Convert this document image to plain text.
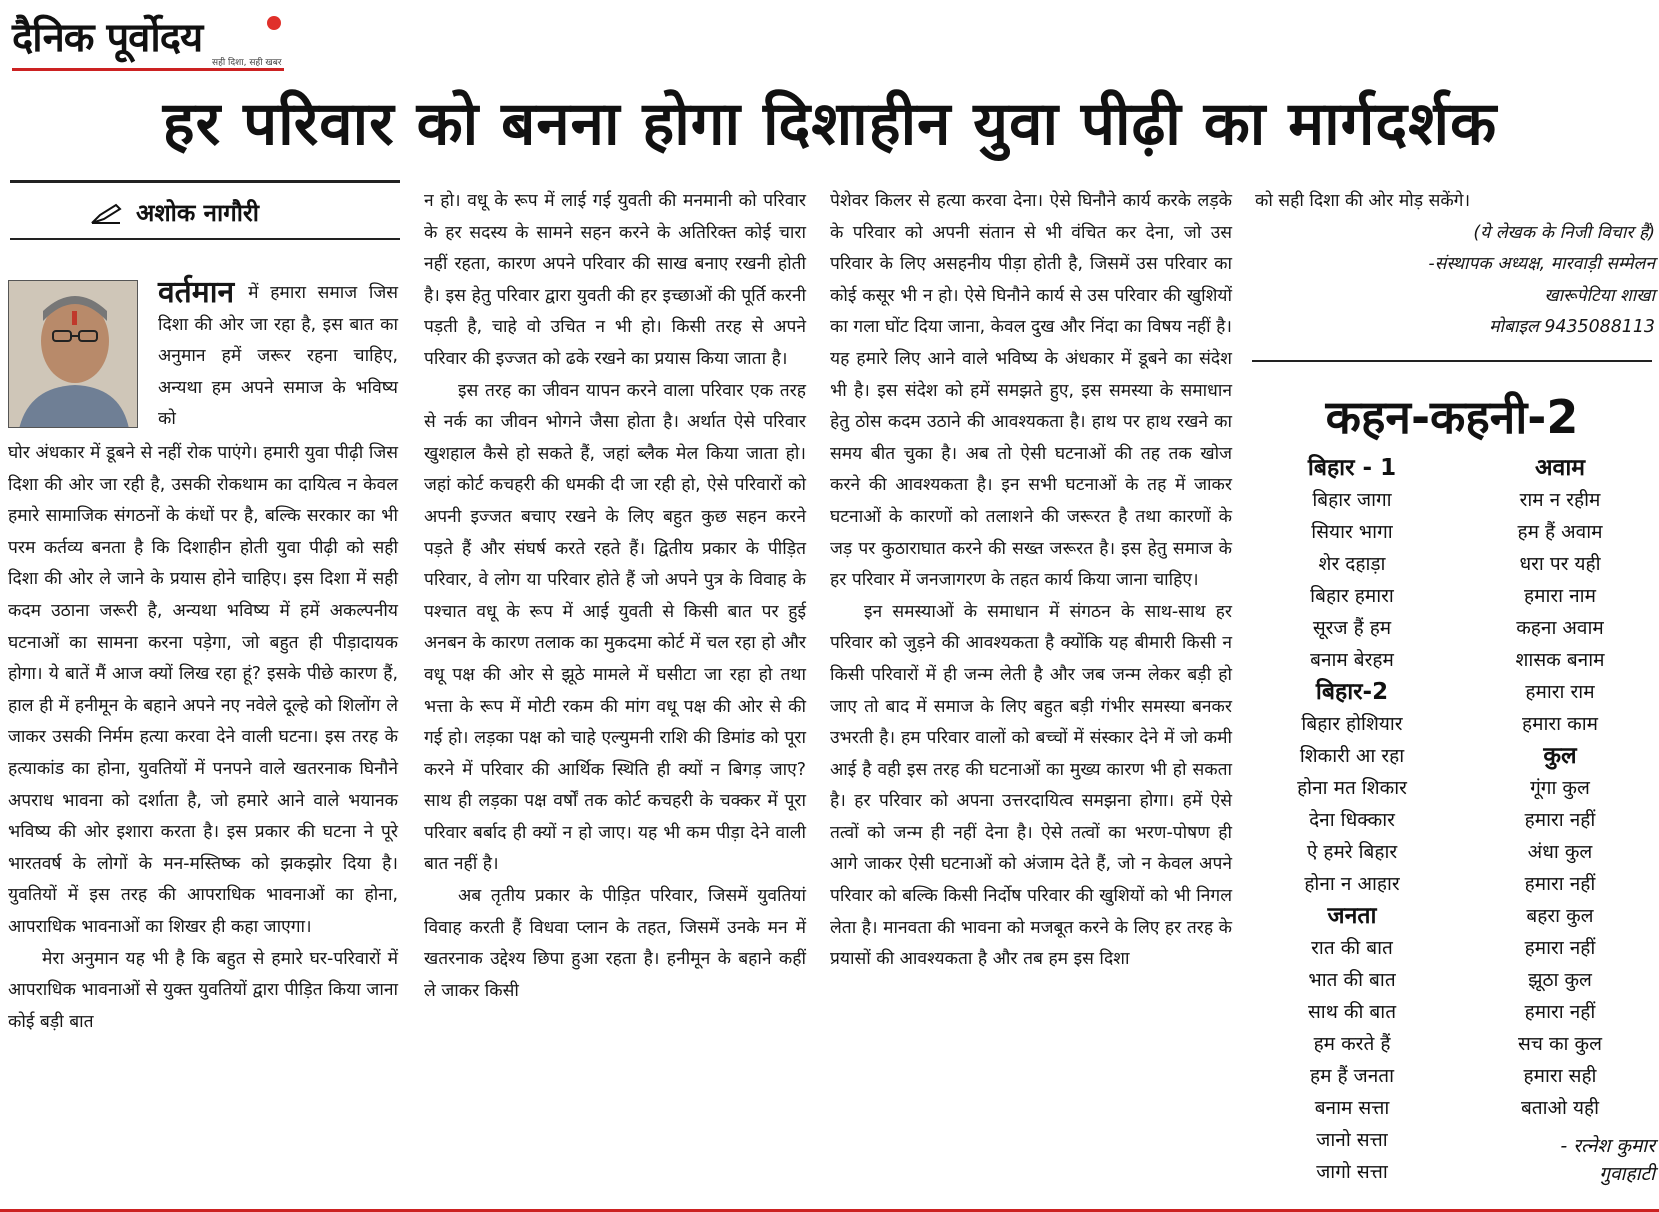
दैनिक पूर्वोदय
सही दिशा, सही खबर
हर परिवार को बनना होगा दिशाहीन युवा पीढ़ी का मार्गदर्शक
अशोक नागौरी

वर्तमान में हमारा समाज जिस दिशा की ओर जा रहा है, इस बात का अनुमान हमें जरूर रहना चाहिए, अन्यथा हम अपने समाज के भविष्य को

घोर अंधकार में डूबने से नहीं रोक पाएंगे। हमारी युवा पीढ़ी जिस दिशा की ओर जा रही है, उसकी रोकथाम का दायित्व न केवल हमारे सामाजिक संगठनों के कंधों पर है, बल्कि सरकार का भी परम कर्तव्य बनता है कि दिशाहीन होती युवा पीढ़ी को सही दिशा की ओर ले जाने के प्रयास होने चाहिए। इस दिशा में सही कदम उठाना जरूरी है, अन्यथा भविष्य में हमें अकल्पनीय घटनाओं का सामना करना पड़ेगा, जो बहुत ही पीड़ादायक होगा। ये बातें मैं आज क्यों लिख रहा हूं? इसके पीछे कारण हैं, हाल ही में हनीमून के बहाने अपने नए नवेले दूल्हे को शिलोंग ले जाकर उसकी निर्मम हत्या करवा देने वाली घटना। इस तरह के हत्याकांड का होना, युवतियों में पनपने वाले खतरनाक घिनौने अपराध भावना को दर्शाता है, जो हमारे आने वाले भयानक भविष्य की ओर इशारा करता है। इस प्रकार की घटना ने पूरे भारतवर्ष के लोगों के मन-मस्तिष्क को झकझोर दिया है। युवतियों में इस तरह की आपराधिक भावनाओं का होना, आपराधिक भावनाओं का शिखर ही कहा जाएगा।

मेरा अनुमान यह भी है कि बहुत से हमारे घर-परिवारों में आपराधिक भावनाओं से युक्त युवतियों द्वारा पीड़ित किया जाना कोई बड़ी बात

न हो। वधू के रूप में लाई गई युवती की मनमानी को परिवार के हर सदस्य के सामने सहन करने के अतिरिक्त कोई चारा नहीं रहता, कारण अपने परिवार की साख बनाए रखनी होती है। इस हेतु परिवार द्वारा युवती की हर इच्छाओं की पूर्ति करनी पड़ती है, चाहे वो उचित न भी हो। किसी तरह से अपने परिवार की इज्जत को ढके रखने का प्रयास किया जाता है।

इस तरह का जीवन यापन करने वाला परिवार एक तरह से नर्क का जीवन भोगने जैसा होता है। अर्थात ऐसे परिवार खुशहाल कैसे हो सकते हैं, जहां ब्लैक मेल किया जाता हो। जहां कोर्ट कचहरी की धमकी दी जा रही हो, ऐसे परिवारों को अपनी इज्जत बचाए रखने के लिए बहुत कुछ सहन करने पड़ते हैं और संघर्ष करते रहते हैं। द्वितीय प्रकार के पीड़ित परिवार, वे लोग या परिवार होते हैं जो अपने पुत्र के विवाह के पश्चात वधू के रूप में आई युवती से किसी बात पर हुई अनबन के कारण तलाक का मुकदमा कोर्ट में चल रहा हो और वधू पक्ष की ओर से झूठे मामले में घसीटा जा रहा हो तथा भत्ता के रूप में मोटी रकम की मांग वधू पक्ष की ओर से की गई हो। लड़का पक्ष को चाहे एल्युमनी राशि की डिमांड को पूरा करने में परिवार की आर्थिक स्थिति ही क्यों न बिगड़ जाए? साथ ही लड़का पक्ष वर्षों तक कोर्ट कचहरी के चक्कर में पूरा परिवार बर्बाद ही क्यों न हो जाए। यह भी कम पीड़ा देने वाली बात नहीं है।

अब तृतीय प्रकार के पीड़ित परिवार, जिसमें युवतियां विवाह करती हैं विधवा प्लान के तहत, जिसमें उनके मन में खतरनाक उद्देश्य छिपा हुआ रहता है। हनीमून के बहाने कहीं ले जाकर किसी

पेशेवर किलर से हत्या करवा देना। ऐसे घिनौने कार्य करके लड़के के परिवार को अपनी संतान से भी वंचित कर देना, जो उस परिवार के लिए असहनीय पीड़ा होती है, जिसमें उस परिवार का कोई कसूर भी न हो। ऐसे घिनौने कार्य से उस परिवार की खुशियों का गला घोंट दिया जाना, केवल दुख और निंदा का विषय नहीं है। यह हमारे लिए आने वाले भविष्य के अंधकार में डूबने का संदेश भी है। इस संदेश को हमें समझते हुए, इस समस्या के समाधान हेतु ठोस कदम उठाने की आवश्यकता है। हाथ पर हाथ रखने का समय बीत चुका है। अब तो ऐसी घटनाओं की तह तक खोज करने की आवश्यकता है। इन सभी घटनाओं के तह में जाकर घटनाओं के कारणों को तलाशने की जरूरत है तथा कारणों के जड़ पर कुठाराघात करने की सख्त जरूरत है। इस हेतु समाज के हर परिवार में जनजागरण के तहत कार्य किया जाना चाहिए।

इन समस्याओं के समाधान में संगठन के साथ-साथ हर परिवार को जुड़ने की आवश्यकता है क्योंकि यह बीमारी किसी न किसी परिवारों में ही जन्म लेती है और जब जन्म लेकर बड़ी हो जाए तो बाद में समाज के लिए बहुत बड़ी गंभीर समस्या बनकर उभरती है। हम परिवार वालों को बच्चों में संस्कार देने में जो कमी आई है वही इस तरह की घटनाओं का मुख्य कारण भी हो सकता है। हर परिवार को अपना उत्तरदायित्व समझना होगा। हमें ऐसे तत्वों को जन्म ही नहीं देना है। ऐसे तत्वों का भरण-पोषण ही आगे जाकर ऐसी घटनाओं को अंजाम देते हैं, जो न केवल अपने परिवार को बल्कि किसी निर्दोष परिवार की खुशियों को भी निगल लेता है। मानवता की भावना को मजबूत करने के लिए हर तरह के प्रयासों की आवश्यकता है और तब हम इस दिशा

को सही दिशा की ओर मोड़ सकेंगे।

(ये लेखक के निजी विचार हैं)

-संस्थापक अध्यक्ष, मारवाड़ी सम्मेलन

खारूपेटिया शाखा

मोबाइल 9435088113

कहन-कहनी-2
बिहार - 1
बिहार जागा
सियार भागा
शेर दहाड़ा
बिहार हमारा
सूरज हैं हम
बनाम बेरहम
बिहार-2
बिहार होशियार
शिकारी आ रहा
होना मत शिकार
देना धिक्कार
ऐ हमरे बिहार
होना न आहार
जनता
रात की बात
भात की बात
साथ की बात
हम करते हैं
हम हैं जनता
बनाम सत्ता
जानो सत्ता
जागो सत्ता
अवाम
राम न रहीम
हम हैं अवाम
धरा पर यही
हमारा नाम
कहना अवाम
शासक बनाम
हमारा राम
हमारा काम
कुल
गूंगा कुल
हमारा नहीं
अंधा कुल
हमारा नहीं
बहरा कुल
हमारा नहीं
झूठा कुल
हमारा नहीं
सच का कुल
हमारा सही
बताओ यही
- रत्नेश कुमार
गुवाहाटी
